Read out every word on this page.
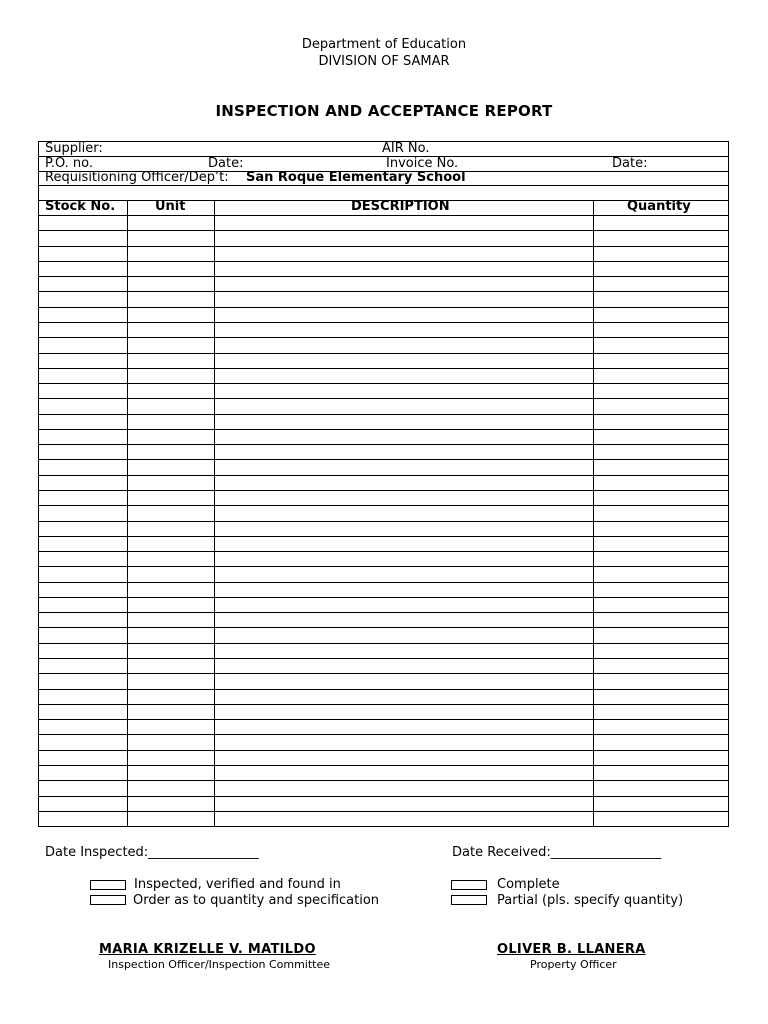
Department of Education
DIVISION OF SAMAR
INSPECTION AND ACCEPTANCE REPORT
Supplier:	AIR No.
P.O. no.	Date:	Invoice No.	Date:
Requisitioning Officer/Dep’t: San Roque Elementary School
Stock No.	Unit	DESCRIPTION	Quantity
Date Inspected:_________________	Date Received:_________________
Inspected, verified and found in
Order as to quantity and specification
Complete
Partial (pls. specify quantity)
MARIA KRIZELLE V. MATILDO
Inspection Officer/Inspection Committee
OLIVER B. LLANERA
Property Officer
